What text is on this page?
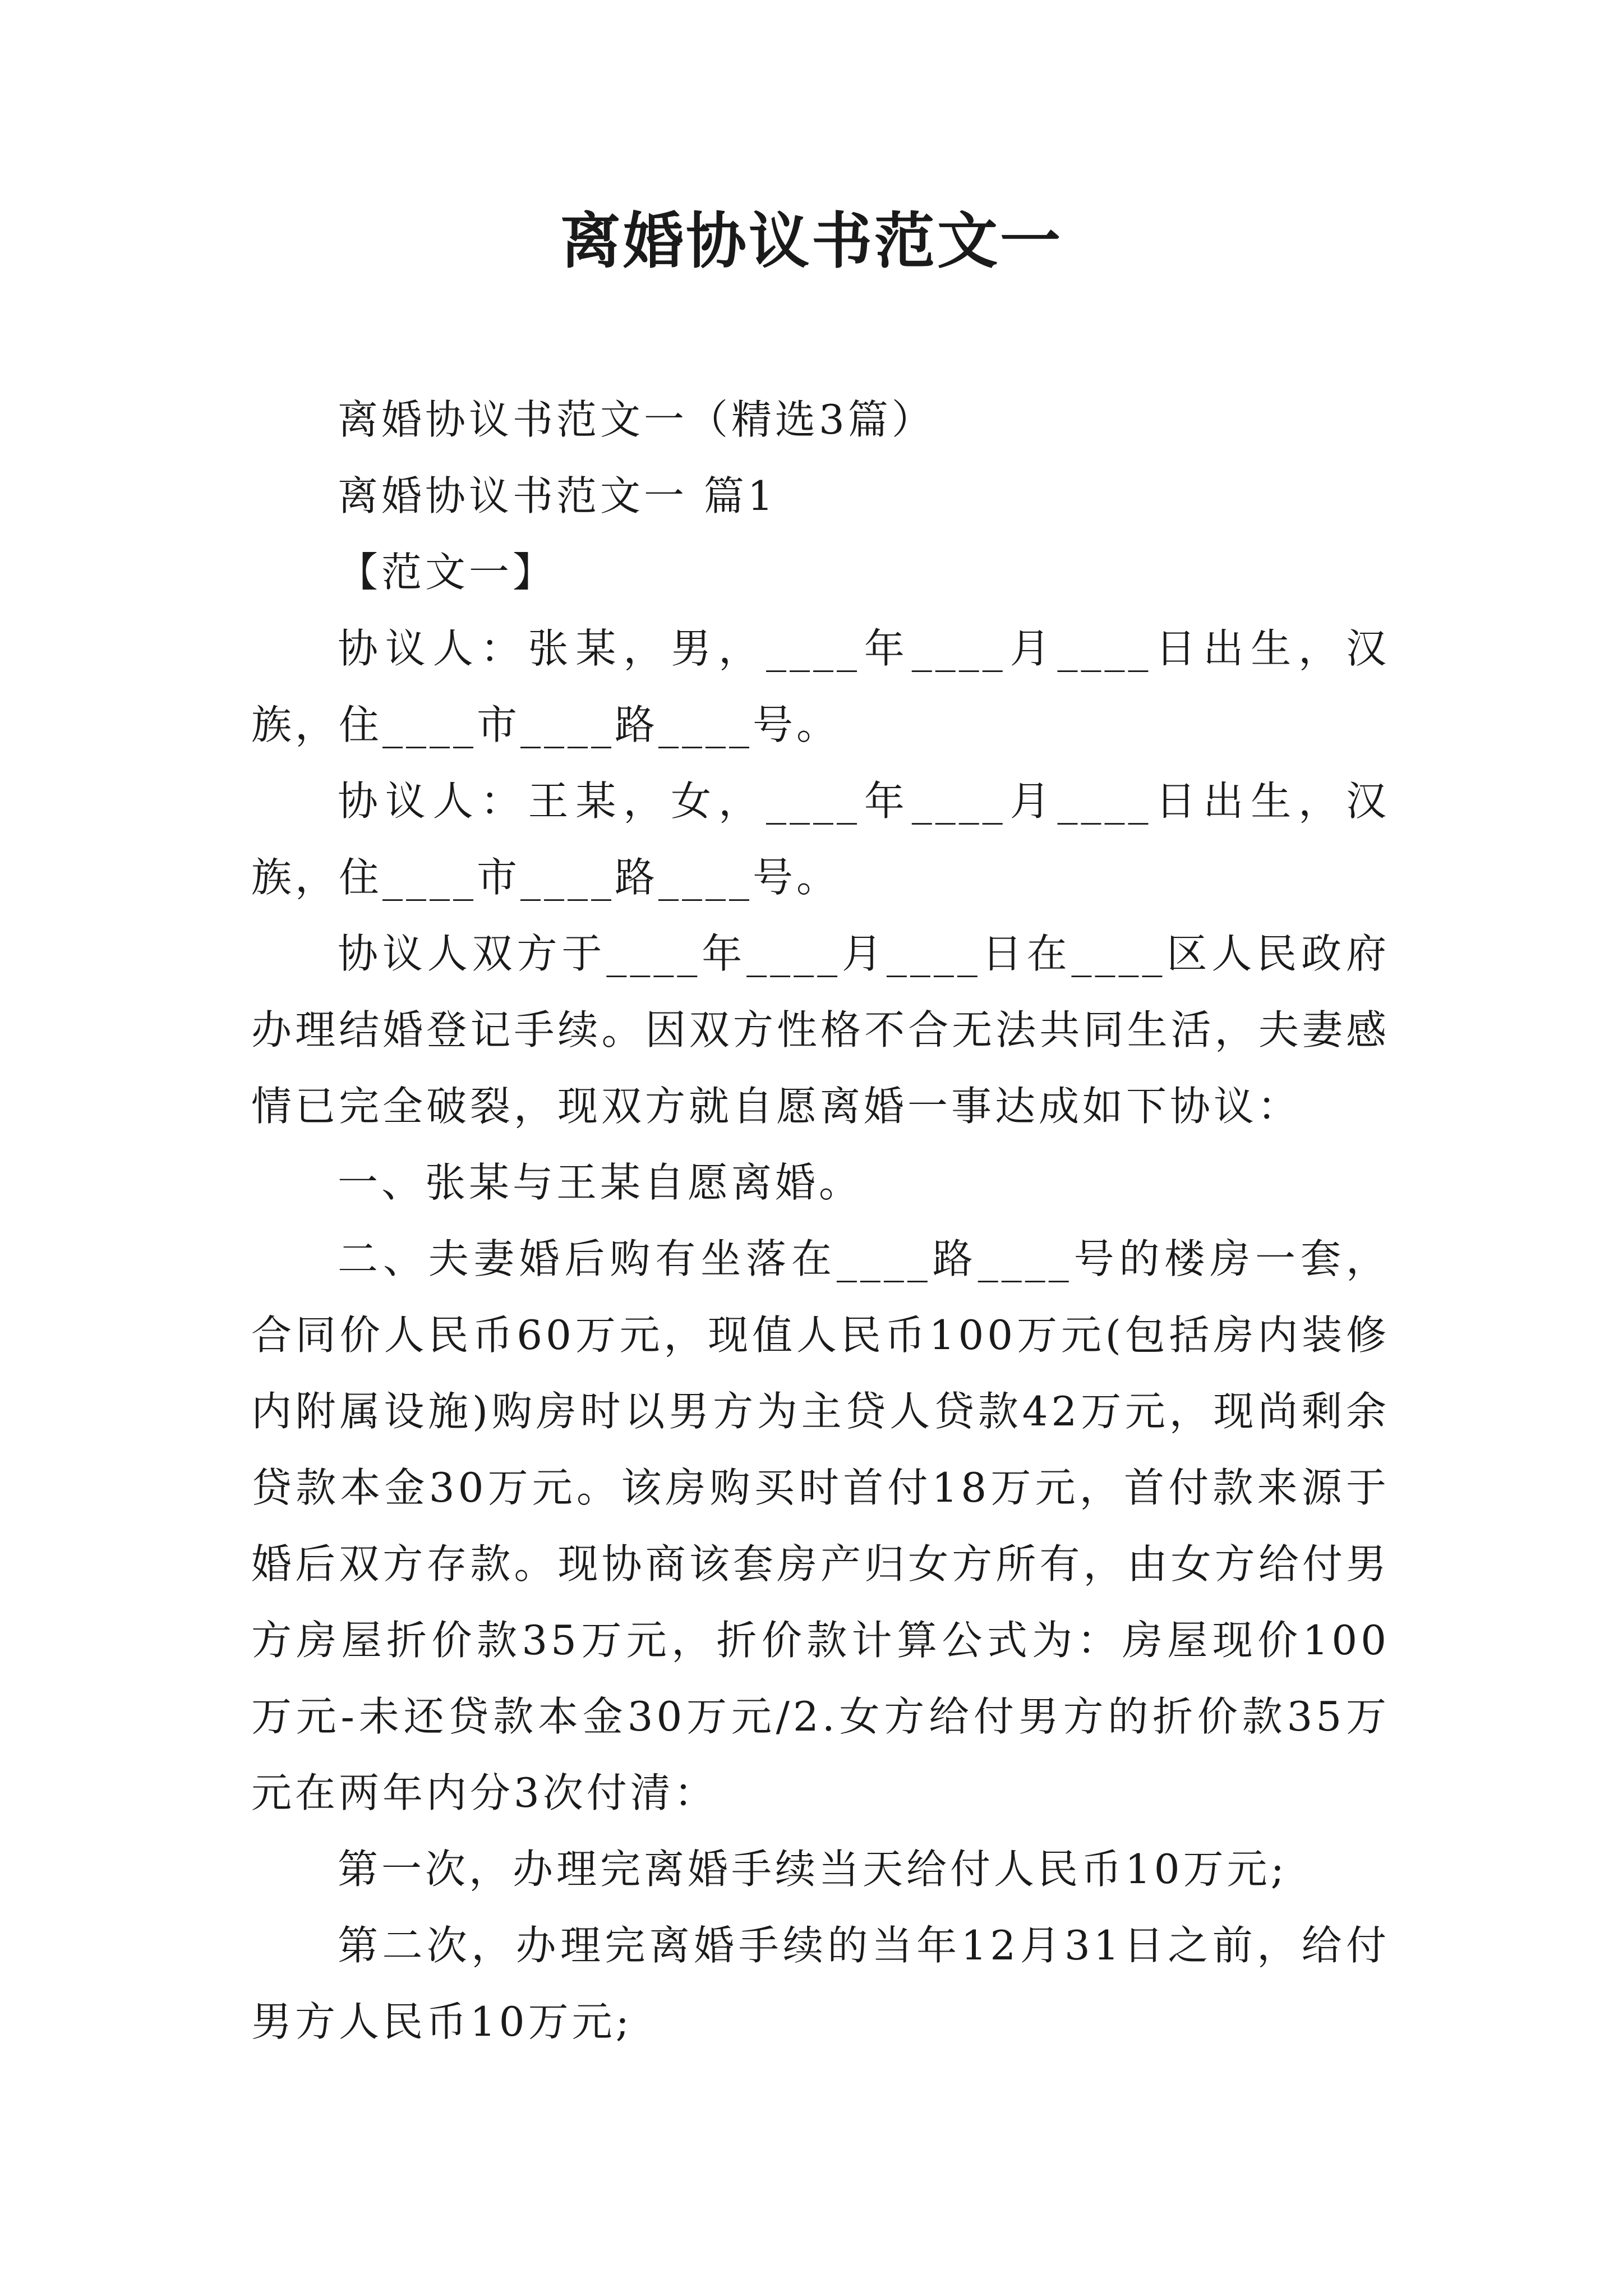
离婚协议书范文一

离婚协议书范文一（精选3篇）

离婚协议书范文一 篇1

【范文一】

协议人：张某，男，____年____月____日出生，汉族，住____市____路____号。

协议人：王某，女，____年____月____日出生，汉族，住____市____路____号。

协议人双方于____年____月____日在____区人民政府办理结婚登记手续。因双方性格不合无法共同生活，夫妻感情已完全破裂，现双方就自愿离婚一事达成如下协议：

一、张某与王某自愿离婚。

二、夫妻婚后购有坐落在____路____号的楼房一套，合同价人民币60万元，现值人民币100万元(包括房内装修内附属设施)购房时以男方为主贷人贷款42万元，现尚剩余贷款本金30万元。该房购买时首付18万元，首付款来源于婚后双方存款。现协商该套房产归女方所有，由女方给付男方房屋折价款35万元，折价款计算公式为：房屋现价100万元-未还贷款本金30万元/2.女方给付男方的折价款35万元在两年内分3次付清：

第一次，办理完离婚手续当天给付人民币10万元;

第二次，办理完离婚手续的当年12月31日之前，给付男方人民币10万元;
